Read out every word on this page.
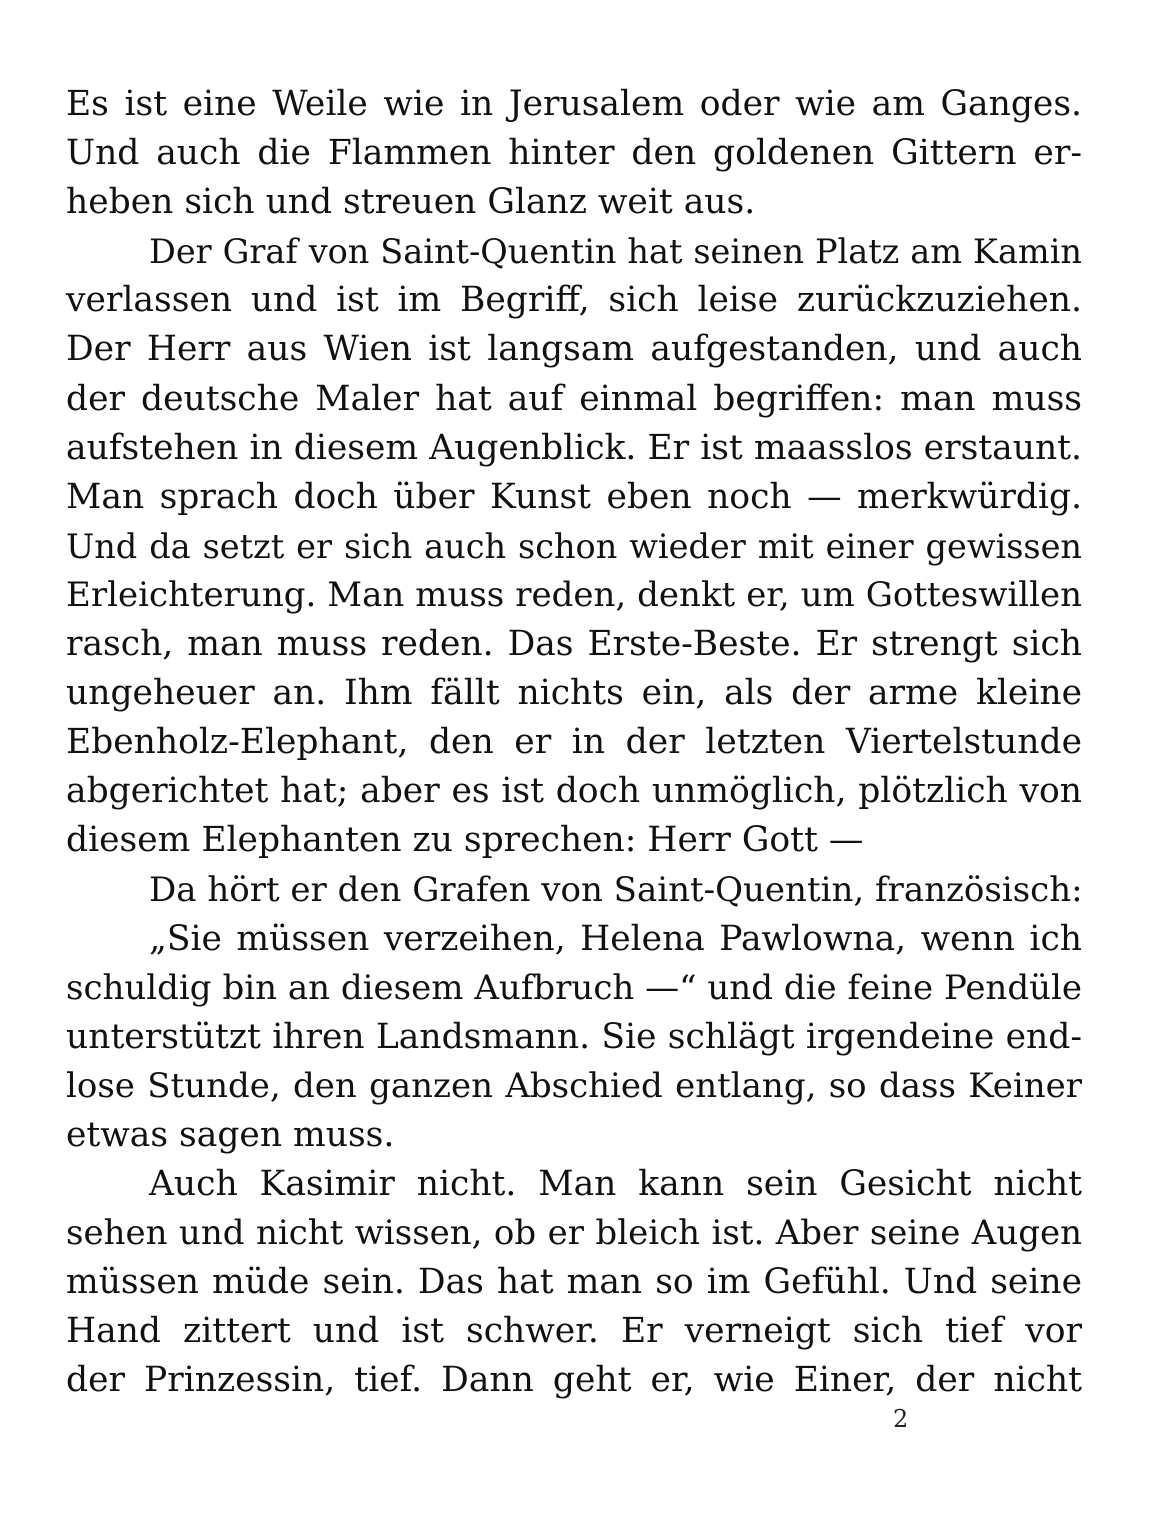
Es ist eine Weile wie in Jerusalem oder wie am Ganges.
Und auch die Flammen hinter den goldenen Gittern er-
heben sich und streuen Glanz weit aus.
Der Graf von Saint-Quentin hat seinen Platz am Kamin
verlassen und ist im Begriff, sich leise zurückzuziehen.
Der Herr aus Wien ist langsam aufgestanden, und auch
der deutsche Maler hat auf einmal begriffen: man muss
aufstehen in diesem Augenblick. Er ist maasslos erstaunt.
Man sprach doch über Kunst eben noch — merkwürdig.
Und da setzt er sich auch schon wieder mit einer gewissen
Erleichterung. Man muss reden, denkt er, um Gotteswillen
rasch, man muss reden. Das Erste-Beste. Er strengt sich
ungeheuer an. Ihm fällt nichts ein, als der arme kleine
Ebenholz-Elephant, den er in der letzten Viertelstunde
abgerichtet hat; aber es ist doch unmöglich, plötzlich von
diesem Elephanten zu sprechen: Herr Gott —
Da hört er den Grafen von Saint-Quentin, französisch:
„Sie müssen verzeihen, Helena Pawlowna, wenn ich
schuldig bin an diesem Aufbruch —“ und die feine Pendüle
unterstützt ihren Landsmann. Sie schlägt irgendeine end-
lose Stunde, den ganzen Abschied entlang, so dass Keiner
etwas sagen muss.
Auch Kasimir nicht. Man kann sein Gesicht nicht
sehen und nicht wissen, ob er bleich ist. Aber seine Augen
müssen müde sein. Das hat man so im Gefühl. Und seine
Hand zittert und ist schwer. Er verneigt sich tief vor
der Prinzessin, tief. Dann geht er, wie Einer, der nicht
2
